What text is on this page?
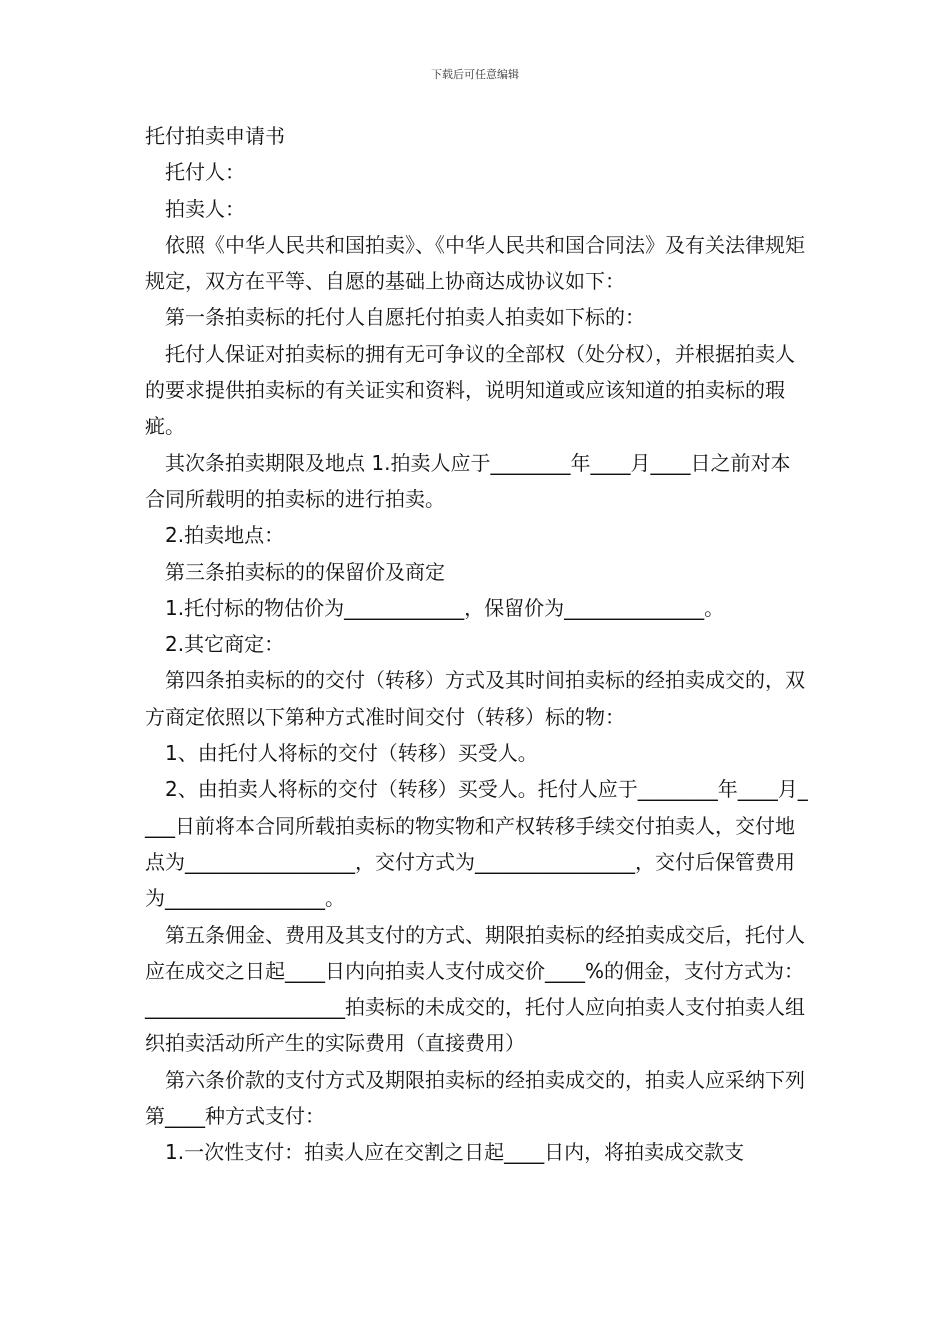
下载后可任意编辑

托付拍卖申请书

托付人：

拍卖人：

依照《中华人民共和国拍卖》、《中华人民共和国合同法》及有关法律规矩规定，双方在平等、自愿的基础上协商达成协议如下：

第一条拍卖标的托付人自愿托付拍卖人拍卖如下标的：

托付人保证对拍卖标的拥有无可争议的全部权（处分权），并根据拍卖人的要求提供拍卖标的有关证实和资料，说明知道或应该知道的拍卖标的瑕疵。

其次条拍卖期限及地点 1.拍卖人应于________年____月____日之前对本合同所载明的拍卖标的进行拍卖。

2.拍卖地点：

第三条拍卖标的的保留价及商定

1.托付标的物估价为____________，保留价为______________。

2.其它商定：

第四条拍卖标的的交付（转移）方式及其时间拍卖标的经拍卖成交的，双方商定依照以下第种方式准时间交付（转移）标的物：

1、由托付人将标的交付（转移）买受人。

2、由拍卖人将标的交付（转移）买受人。托付人应于________年____月____日前将本合同所载拍卖标的物实物和产权转移手续交付拍卖人，交付地点为_________________，交付方式为________________，交付后保管费用为________________。

第五条佣金、费用及其支付的方式、期限拍卖标的经拍卖成交后，托付人应在成交之日起____日内向拍卖人支付成交价____%的佣金，支付方式为：____________________拍卖标的未成交的，托付人应向拍卖人支付拍卖人组织拍卖活动所产生的实际费用（直接费用）

第六条价款的支付方式及期限拍卖标的经拍卖成交的，拍卖人应采纳下列第____种方式支付：

1.一次性支付：拍卖人应在交割之日起____日内，将拍卖成交款支
